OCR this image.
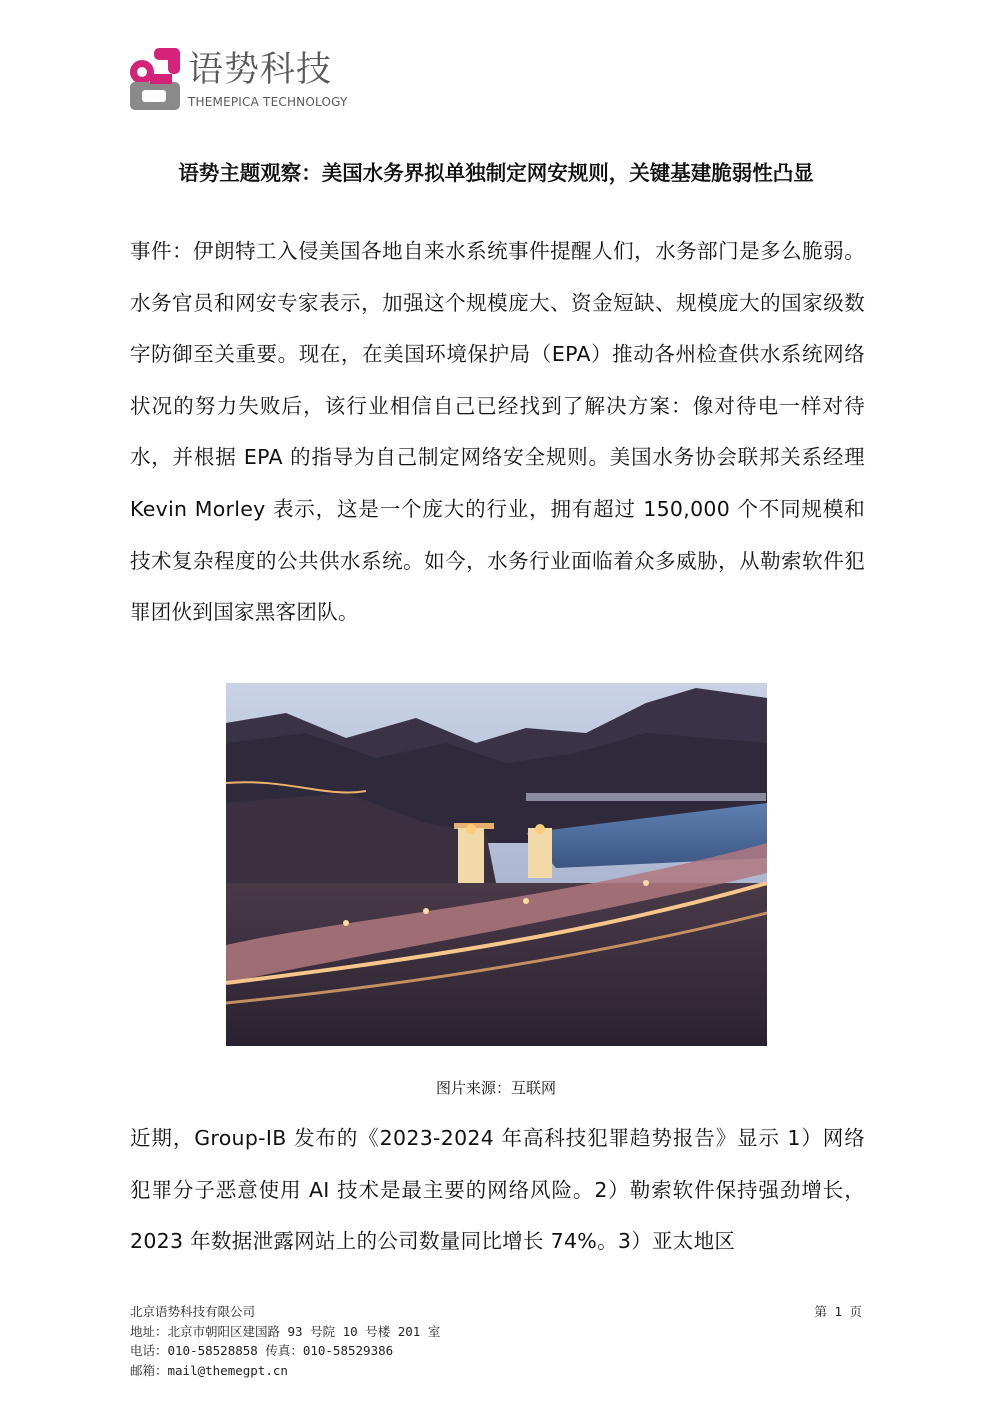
语势科技
THEMEPICA TECHNOLOGY
语势主题观察：美国水务界拟单独制定网安规则，关键基建脆弱性凸显

事件：伊朗特工入侵美国各地自来水系统事件提醒人们，水务部门是多么脆弱。水务官员和网安专家表示，加强这个规模庞大、资金短缺、规模庞大的国家级数字防御至关重要。现在，在美国环境保护局（EPA）推动各州检查供水系统网络状况的努力失败后，该行业相信自己已经找到了解决方案：像对待电一样对待水，并根据 EPA 的指导为自己制定网络安全规则。美国水务协会联邦关系经理 Kevin Morley 表示，这是一个庞大的行业，拥有超过 150,000 个不同规模和技术复杂程度的公共供水系统。如今，水务行业面临着众多威胁，从勒索软件犯罪团伙到国家黑客团队。

图片来源：互联网

近期，Group-IB 发布的《2023-2024 年高科技犯罪趋势报告》显示 1）网络犯罪分子恶意使用 AI 技术是最主要的网络风险。2）勒索软件保持强劲增长，2023 年数据泄露网站上的公司数量同比增长 74%。3）亚太地区

北京语势科技有限公司
地址：北京市朝阳区建国路 93 号院 10 号楼 201 室
电话：010-58528858 传真：010-58529386
邮箱：mail@themegpt.cn
第 1 页
